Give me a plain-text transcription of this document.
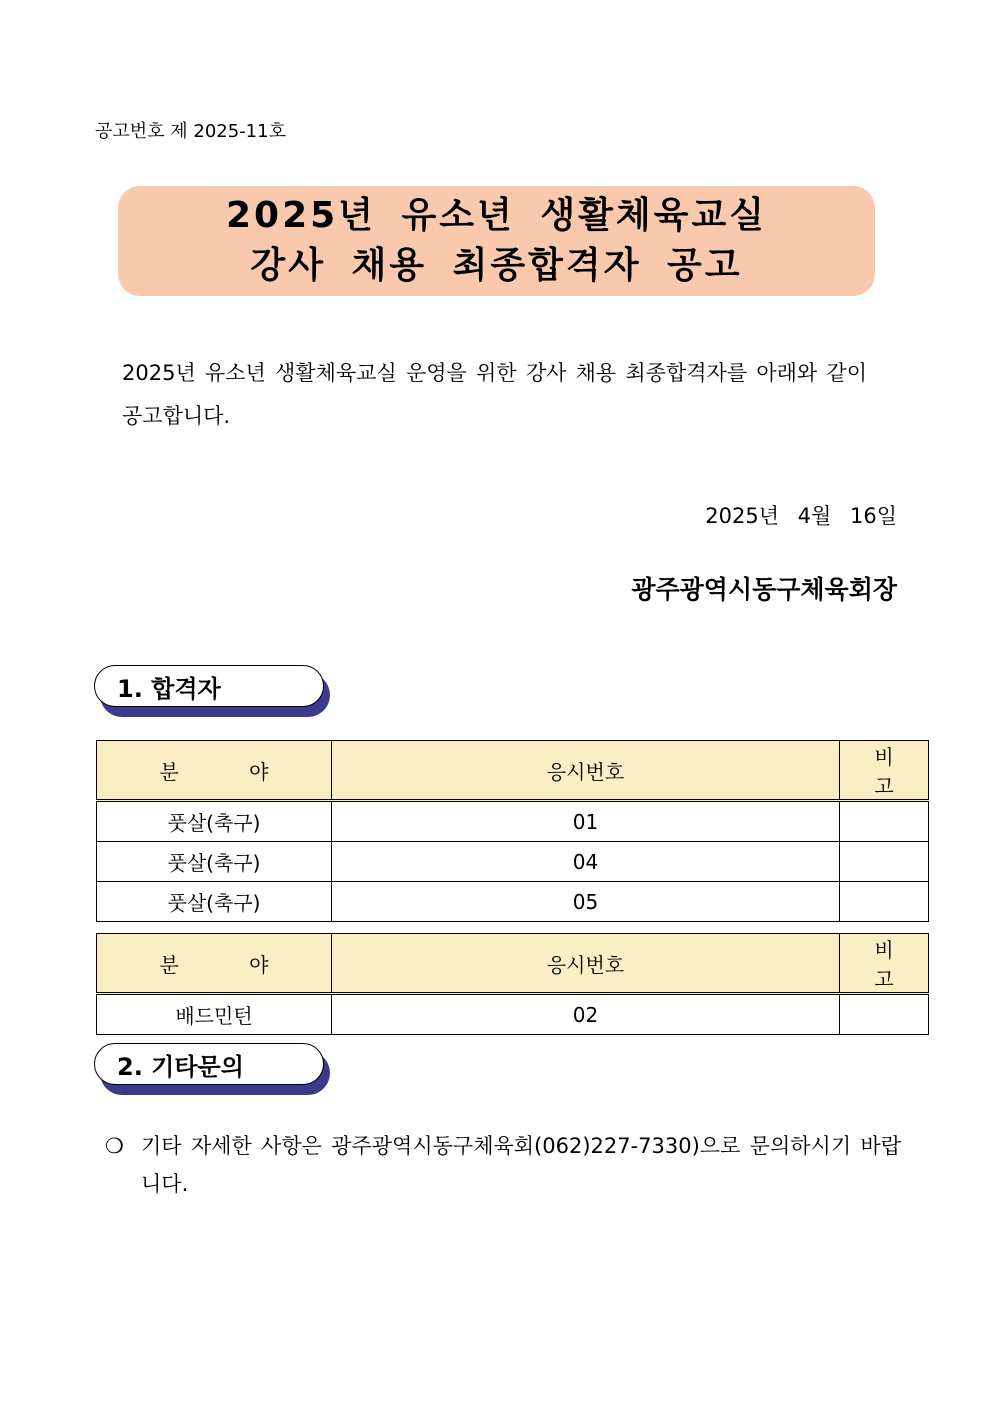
공고번호 제 2025-11호
2025년 유소년 생활체육교실
강사 채용 최종합격자 공고
2025년 유소년 생활체육교실 운영을 위한 강사 채용 최종합격자를 아래와 같이 공고합니다.
2025년 4월 16일
광주광역시동구체육회장
1. 합격자
분 야	응시번호	비 고
풋살(축구)	01	
풋살(축구)	04	
풋살(축구)	05	
분 야	응시번호	비 고
배드민턴	02	
2. 기타문의
❍ 기타 자세한 사항은 광주광역시동구체육회(062)227-7330)으로 문의하시기 바랍니다.
